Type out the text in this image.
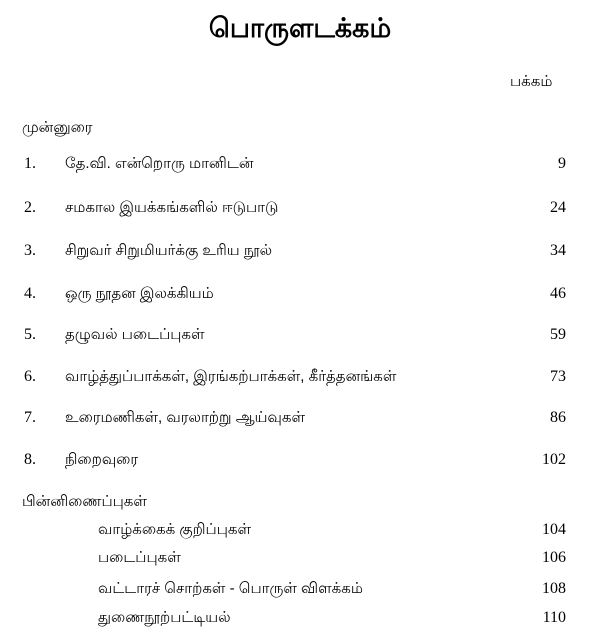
பொருளடக்கம்
பக்கம்
முன்னுரை
1. தே.வி. என்றொரு மானிடன்	9
2. சமகால இயக்கங்களில் ஈடுபாடு	24
3. சிறுவர் சிறுமியர்க்கு உரிய நூல்	34
4. ஒரு நூதன இலக்கியம்	46
5. தழுவல் படைப்புகள்	59
6. வாழ்த்துப்பாக்கள், இரங்கற்பாக்கள், கீர்த்தனங்கள்	73
7. உரைமணிகள், வரலாற்று ஆய்வுகள்	86
8. நிறைவுரை	102
பின்னிணைப்புகள்
வாழ்க்கைக் குறிப்புகள்	104
படைப்புகள்	106
வட்டாரச் சொற்கள் - பொருள் விளக்கம்	108
துணைநூற்பட்டியல்	110
